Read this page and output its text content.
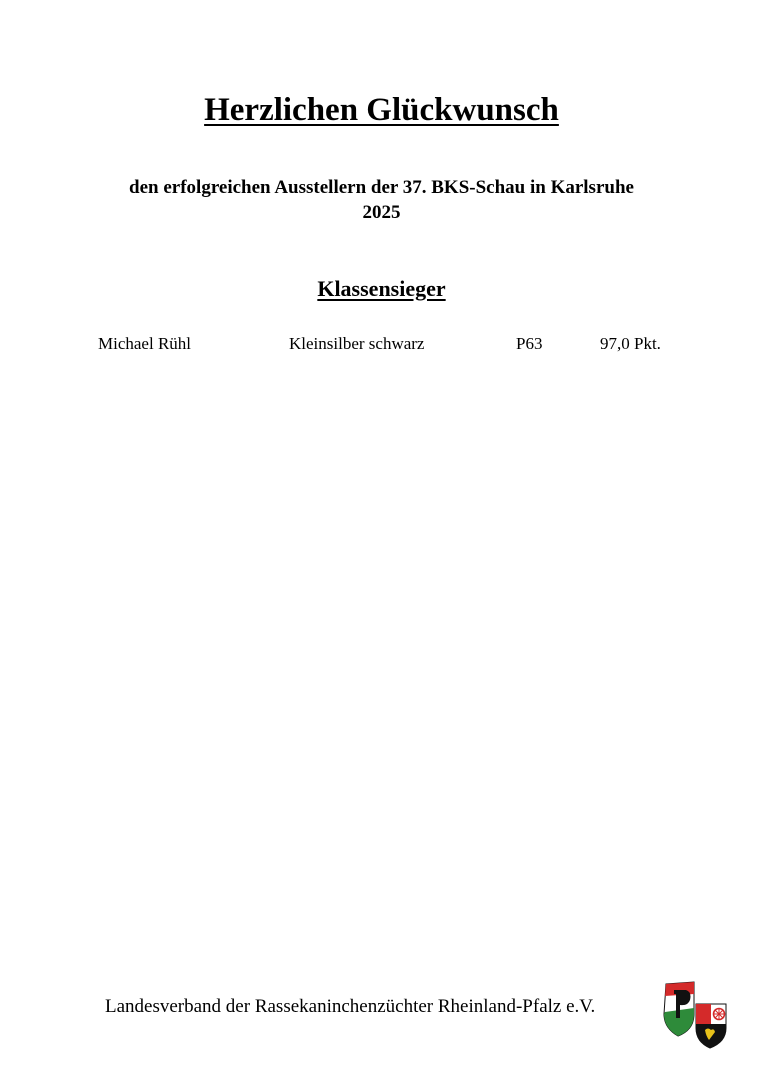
Herzlichen Glückwunsch
den erfolgreichen Ausstellern der 37. BKS-Schau in Karlsruhe
2025
Klassensieger
Michael Rühl	Kleinsilber schwarz	P63	97,0 Pkt.
Landesverband der Rassekaninchenzüchter Rheinland-Pfalz e.V.
